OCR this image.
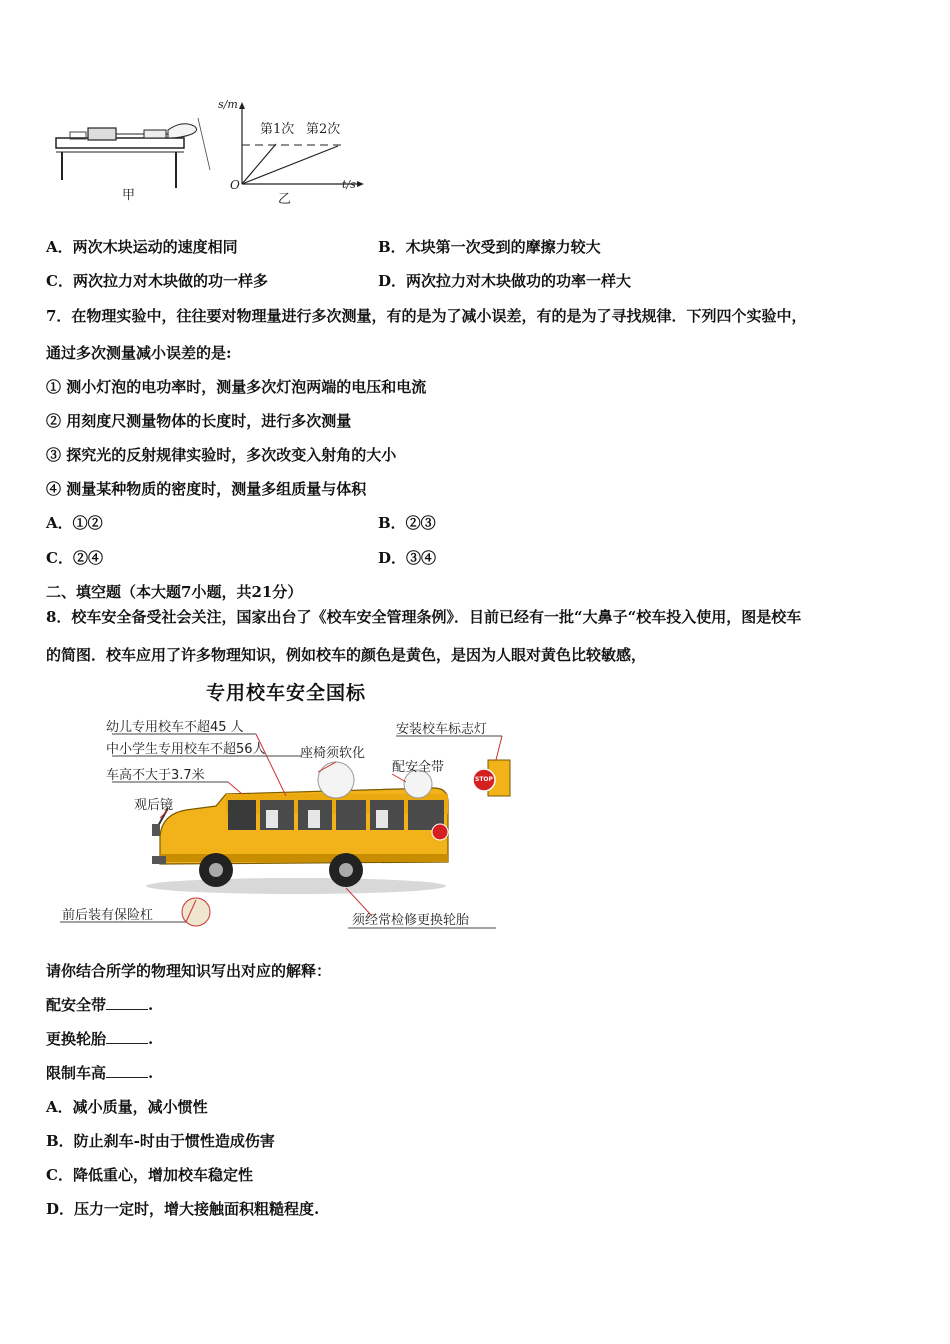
甲
s/m
第1次 第2次
O	t/s
乙
A．两次木块运动的速度相同	B．木块第一次受到的摩擦力较大
C．两次拉力对木块做的功一样多	D．两次拉力对木块做功的功率一样大
7．在物理实验中，往往要对物理量进行多次测量，有的是为了减小误差，有的是为了寻找规律．下列四个实验中，
通过多次测量减小误差的是:
① 测小灯泡的电功率时，测量多次灯泡两端的电压和电流
② 用刻度尺测量物体的长度时，进行多次测量
③ 探究光的反射规律实验时，多次改变入射角的大小
④ 测量某种物质的密度时，测量多组质量与体积
A．①②	B．②③
C．②④	D．③④
二、填空题（本大题7小题，共21分）
8．校车安全备受社会关注，国家出台了《校车安全管理条例》．目前已经有一批“大鼻子“校车投入使用，图是校车
的简图．校车应用了许多物理知识，例如校车的颜色是黄色，是因为人眼对黄色比较敏感，
专用校车安全国标
幼儿专用校车不超45 人
中小学生专用校车不超56人
车高不大于3.7米
观后镜
座椅须软化
安装校车标志灯
配安全带
前后装有保险杠	须经常检修更换轮胎
STOP
请你结合所学的物理知识写出对应的解释：
配安全带	.
更换轮胎	.
限制车高	.
A．减小质量，减小惯性
B．防止刹车-时由于惯性造成伤害
C．降低重心，增加校车稳定性
D．压力一定时，增大接触面积粗糙程度.
